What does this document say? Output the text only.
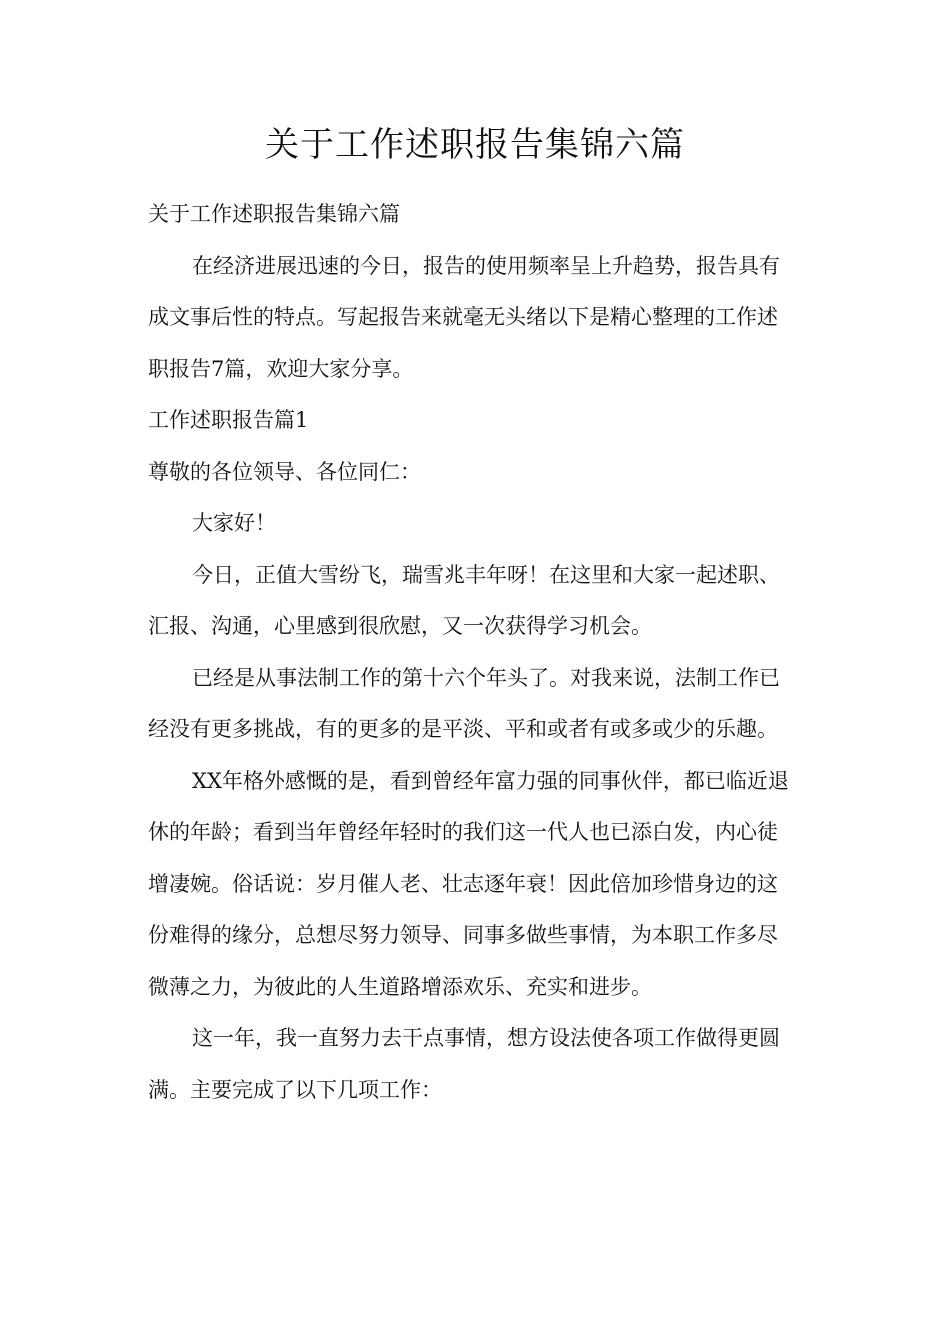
关于工作述职报告集锦六篇

关于工作述职报告集锦六篇

在经济进展迅速的今日，报告的使用频率呈上升趋势，报告具有成文事后性的特点。写起报告来就毫无头绪以下是精心整理的工作述职报告7篇，欢迎大家分享。

工作述职报告篇1

尊敬的各位领导、各位同仁：

大家好！

今日，正值大雪纷飞，瑞雪兆丰年呀！在这里和大家一起述职、汇报、沟通，心里感到很欣慰，又一次获得学习机会。

已经是从事法制工作的第十六个年头了。对我来说，法制工作已经没有更多挑战，有的更多的是平淡、平和或者有或多或少的乐趣。

XX年格外感慨的是，看到曾经年富力强的同事伙伴，都已临近退休的年龄；看到当年曾经年轻时的我们这一代人也已添白发，内心徒增凄婉。俗话说：岁月催人老、壮志逐年衰！因此倍加珍惜身边的这份难得的缘分，总想尽努力领导、同事多做些事情，为本职工作多尽微薄之力，为彼此的人生道路增添欢乐、充实和进步。

这一年，我一直努力去干点事情，想方设法使各项工作做得更圆满。主要完成了以下几项工作：
